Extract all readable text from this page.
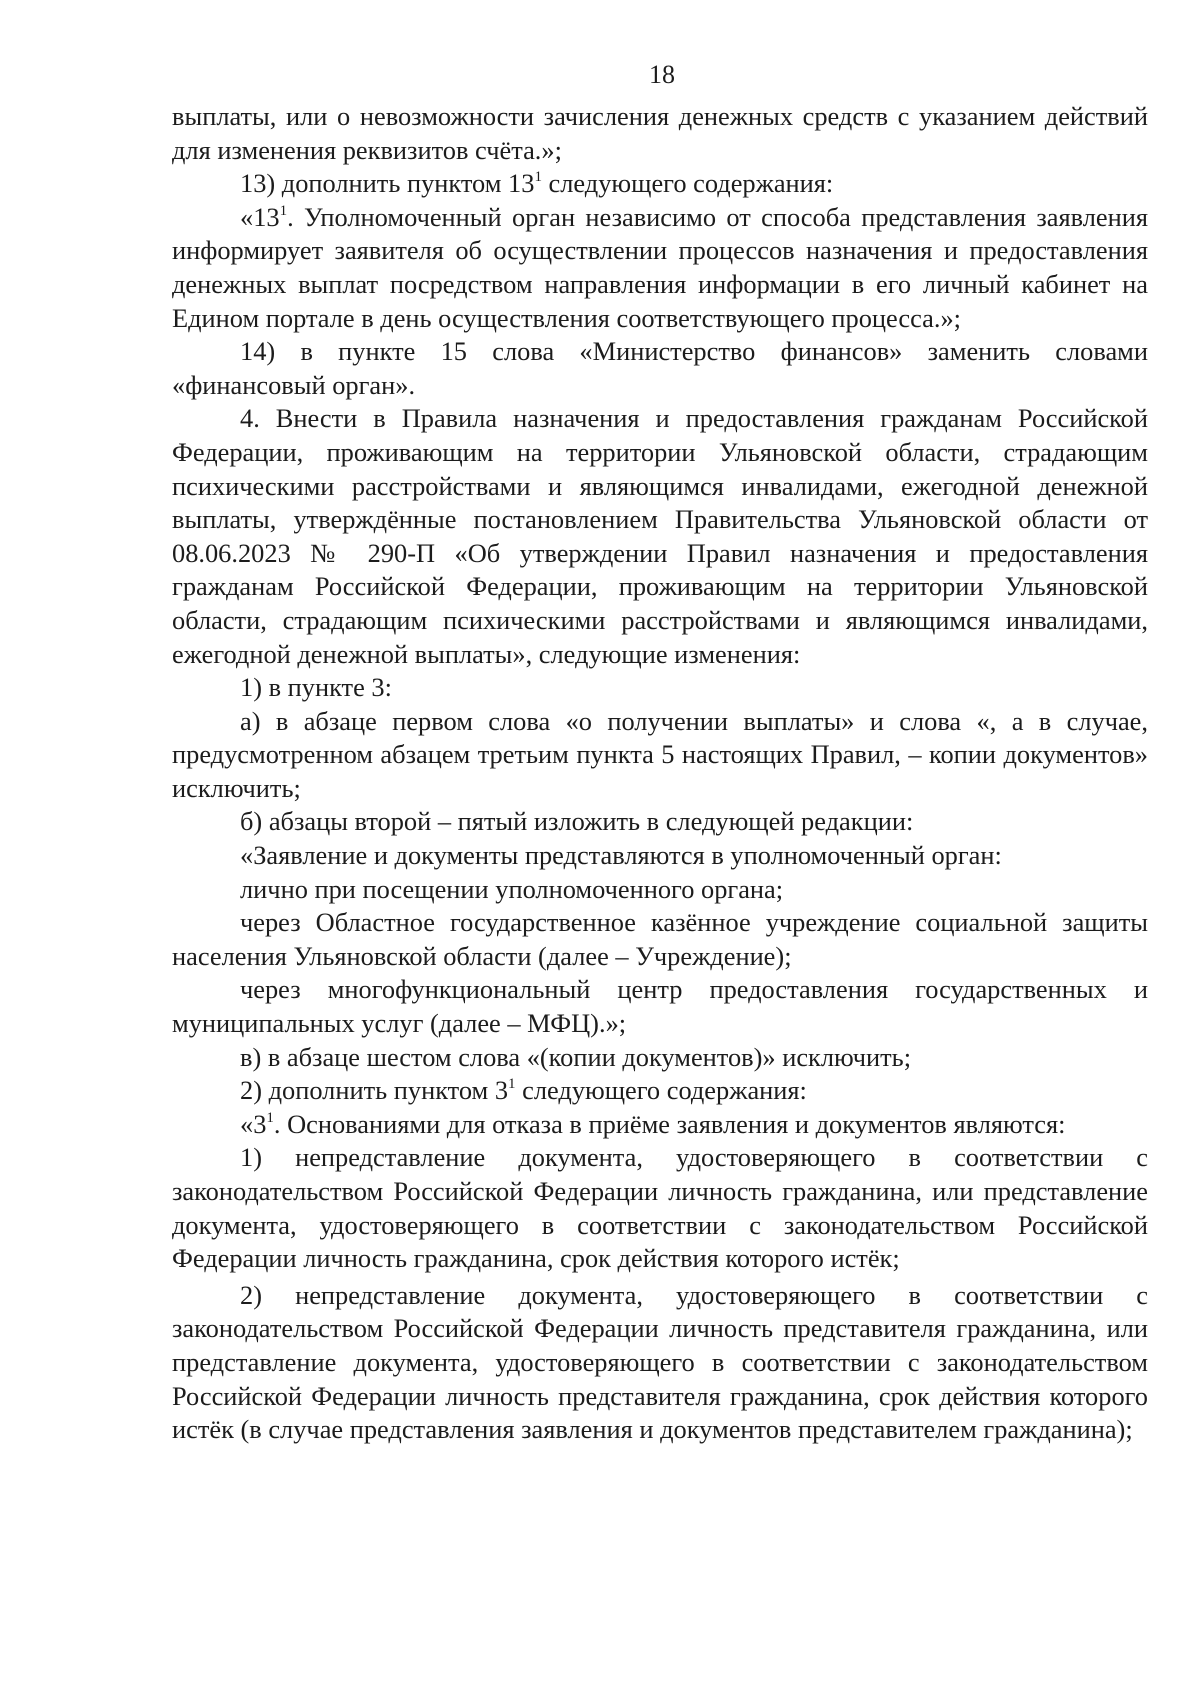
18

выплаты, или о невозможности зачисления денежных средств с указанием действий для изменения реквизитов счёта.»;

13) дополнить пунктом $13^1$ следующего содержания:

«$13^1$. Уполномоченный орган независимо от способа представления заявления информирует заявителя об осуществлении процессов назначения и предоставления денежных выплат посредством направления информации в его личный кабинет на Едином портале в день осуществления соответствующего процесса.»;

14) в пункте 15 слова «Министерство финансов» заменить словами «финансовый орган».

4. Внести в Правила назначения и предоставления гражданам Российской Федерации, проживающим на территории Ульяновской области, страдающим психическими расстройствами и являющимся инвалидами, ежегодной денежной выплаты, утверждённые постановлением Правительства Ульяновской области от 08.06.2023 № 290-П «Об утверждении Правил назначения и предоставления гражданам Российской Федерации, проживающим на территории Ульяновской области, страдающим психическими расстройствами и являющимся инвалидами, ежегодной денежной выплаты», следующие изменения:

1) в пункте 3:

а) в абзаце первом слова «о получении выплаты» и слова «, а в случае, предусмотренном абзацем третьим пункта 5 настоящих Правил, – копии документов» исключить;

б) абзацы второй – пятый изложить в следующей редакции:

«Заявление и документы представляются в уполномоченный орган:

лично при посещении уполномоченного органа;

через Областное государственное казённое учреждение социальной защиты населения Ульяновской области (далее – Учреждение);

через многофункциональный центр предоставления государственных и муниципальных услуг (далее – МФЦ).»;

в) в абзаце шестом слова «(копии документов)» исключить;

2) дополнить пунктом $3^1$ следующего содержания:

«$3^1$. Основаниями для отказа в приёме заявления и документов являются:

1) непредставление документа, удостоверяющего в соответствии с законодательством Российской Федерации личность гражданина, или представление документа, удостоверяющего в соответствии с законодательством Российской Федерации личность гражданина, срок действия которого истёк;

2) непредставление документа, удостоверяющего в соответствии с законодательством Российской Федерации личность представителя гражданина, или представление документа, удостоверяющего в соответствии с законодательством Российской Федерации личность представителя гражданина, срок действия которого истёк (в случае представления заявления и документов представителем гражданина);
